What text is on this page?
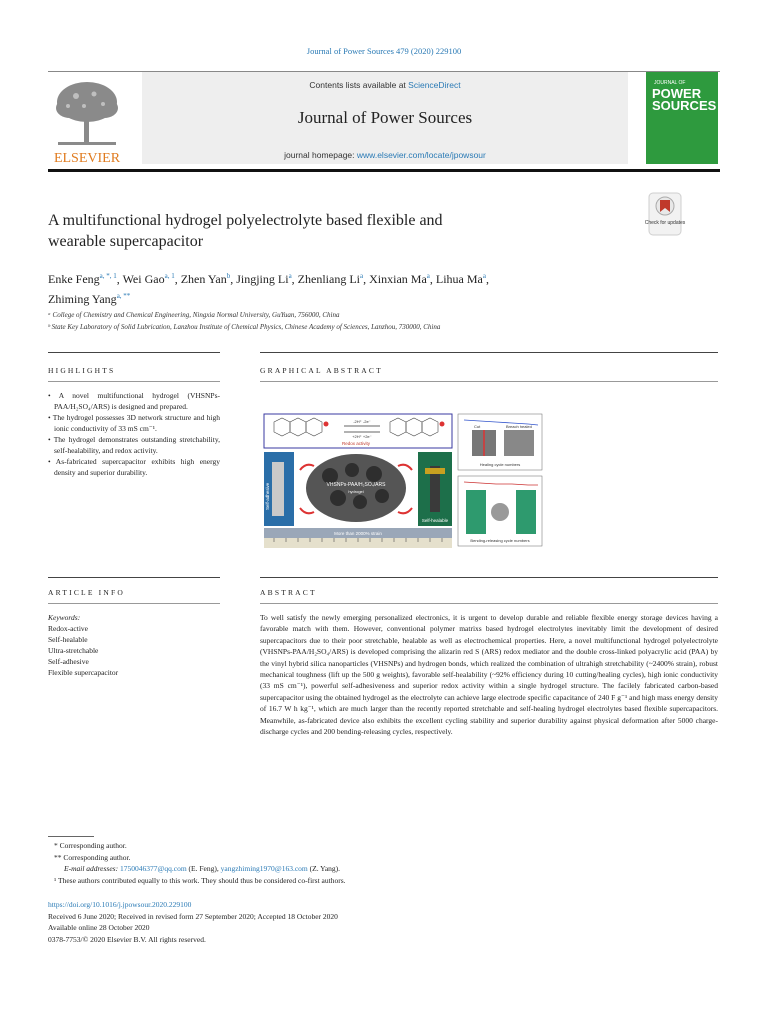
Journal of Power Sources 479 (2020) 229100
ELSEVIER
Contents lists available at ScienceDirect
Journal of Power Sources
journal homepage: www.elsevier.com/locate/jpowsour
JOURNAL OF
POWER SOURCES
A multifunctional hydrogel polyelectrolyte based flexible and
wearable supercapacitor
Check for updates
Enke Feng$^{a, *, 1}$, Wei Gao$^{a, 1}$, Zhen Yan$^b$, Jingjing Li$^a$, Zhenliang Li$^a$, Xinxian Ma$^a$, Lihua Ma$^a$,
Zhiming Yang$^{a, **}$
ᵃ College of Chemistry and Chemical Engineering, Ningxia Normal University, GuYuan, 756000, China
ᵇ State Key Laboratory of Solid Lubrication, Lanzhou Institute of Chemical Physics, Chinese Academy of Sciences, Lanzhou, 730000, China
HIGHLIGHTS
• A novel multifunctional hydrogel (VHSNPs-PAA/H₂SO₄/ARS) is designed and prepared.
• The hydrogel possesses 3D network structure and high ionic conductivity of 33 mS cm⁻¹.
• The hydrogel demonstrates outstanding stretchability, self-healability, and redox activity.
• As-fabricated supercapacitor exhibits high energy density and superior durability.
GRAPHICAL ABSTRACT
-2H⁺ -2e⁻
+2H⁺ +2e⁻
Redox activity
Self-adhesive	VHSNPs-PAA/H₂SO₄/ARS
hydrogel
Self-healable
More than 2000% strain
Cut	Breach healed
Healing cycle numbers
Bending-releasing cycle numbers
ARTICLE INFO
Keywords:
Redox-active
Self-healable
Ultra-stretchable
Self-adhesive
Flexible supercapacitor
ABSTRACT
To well satisfy the newly emerging personalized electronics, it is urgent to develop durable and reliable flexible energy storage devices having a favorable match with them. However, conventional polymer matrixs based hydrogel electrolytes inevitably limit the development of desired supercapacitors due to their poor stretchable, healable as well as electrochemical properties. Here, a novel multifunctional hydrogel polyelectrolyte (VHSNPs-PAA/H₂SO₄/ARS) is developed comprising the alizarin red S (ARS) redox mediator and the double cross-linked polyacrylic acid (PAA) by the vinyl hybrid silica nanoparticles (VHSNPs) and hydrogen bonds, which realized the combination of ultrahigh stretchability (~2400% strain), robust mechanical toughness (lift up the 500 g weights), favorable self-healability (~92% efficiency during 10 cutting/healing cycles), high ionic conductivity (33 mS cm⁻¹), powerful self-adhesiveness and superior redox activity within a single hydrogel structure. The facilely fabricated carbon-based supercapacitor using the obtained hydrogel as the electrolyte can achieve large electrode specific capacitance of 240 F g⁻¹ and high mass energy density of 16.7 W h kg⁻¹, which are much larger than the recently reported stretchable and self-healing hydrogel electrolytes based flexible supercapacitors. Meanwhile, as-fabricated device also exhibits the excellent cycling stability and superior durability against physical deformation after 5000 charge-discharge cycles and 200 bending-releasing cycles, respectively.
* Corresponding author.
** Corresponding author.
E-mail addresses: 1750046377@qq.com (E. Feng), yangzhiming1970@163.com (Z. Yang).
¹ These authors contributed equally to this work. They should thus be considered co-first authors.
https://doi.org/10.1016/j.jpowsour.2020.229100
Received 6 June 2020; Received in revised form 27 September 2020; Accepted 18 October 2020
Available online 28 October 2020
0378-7753/© 2020 Elsevier B.V. All rights reserved.
